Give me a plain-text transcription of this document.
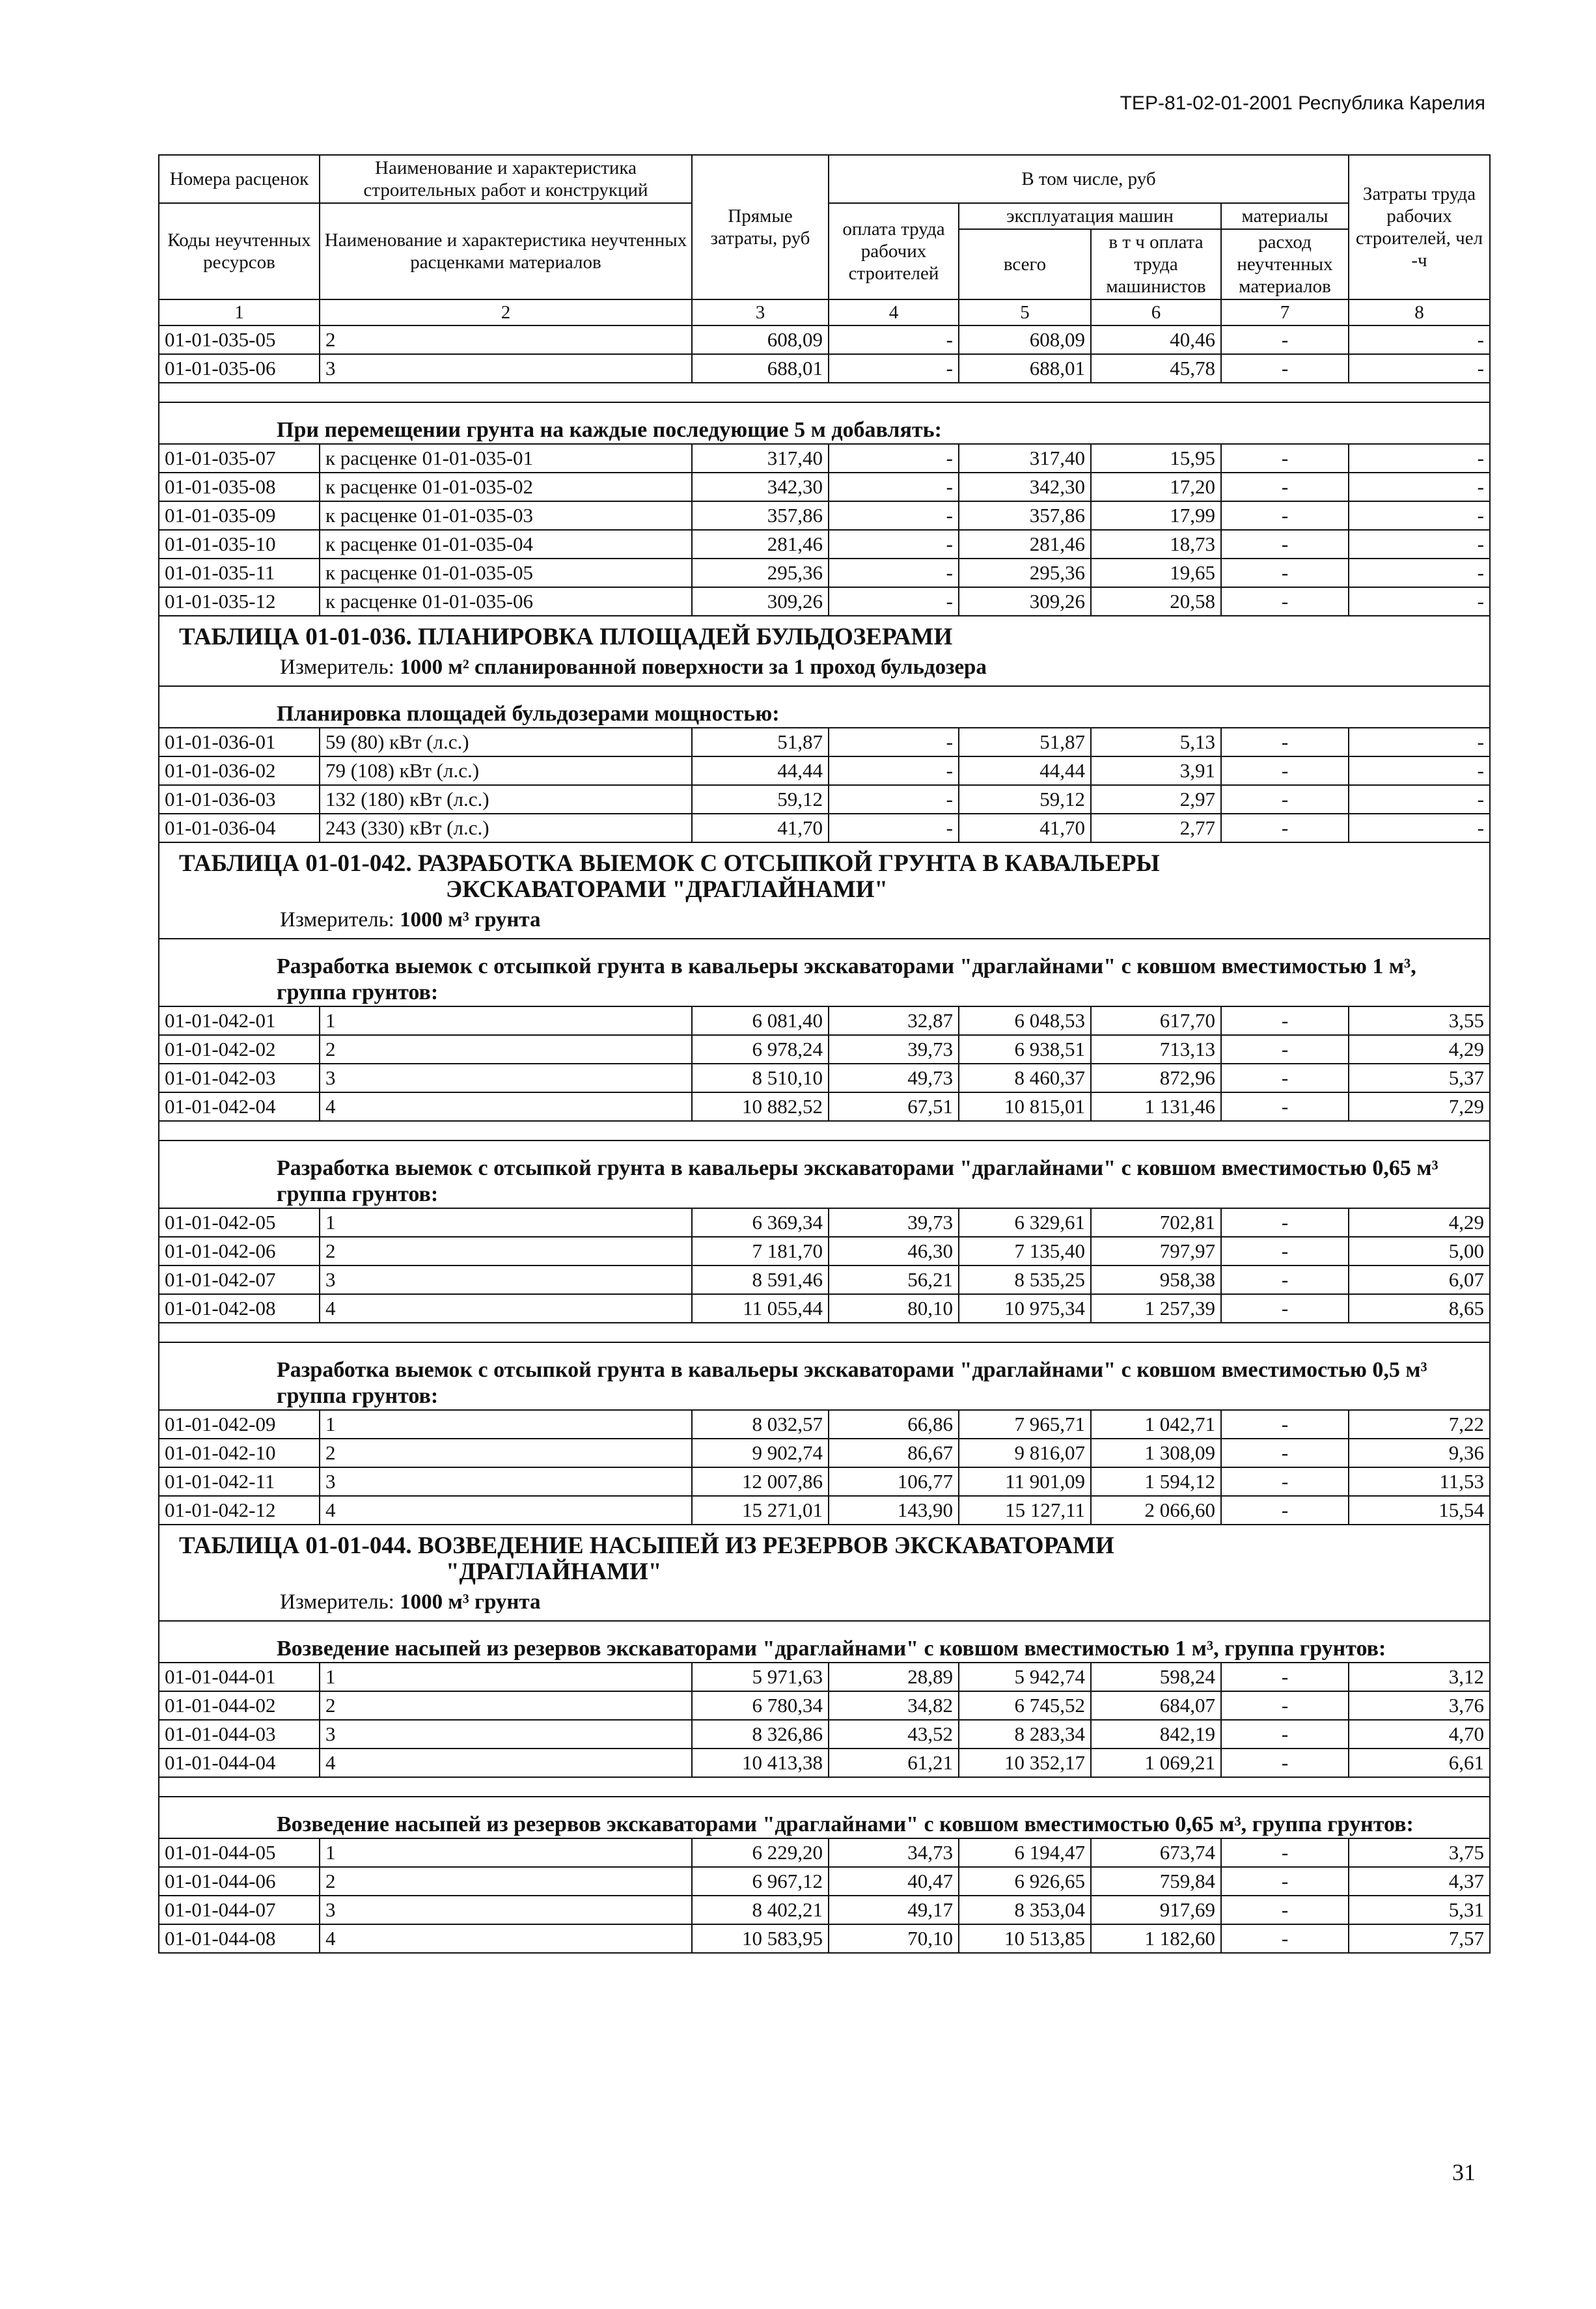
ТЕР-81-02-01-2001 Республика Карелия
Номера расценок	Наименование и характеристика строительных работ и конструкций	Прямые затраты, руб	В том числе, руб				Затраты труда рабочих строителей, чел -ч
Коды неучтенных ресурсов	Наименование и характеристика неучтенных расценками материалов		оплата труда рабочих строителей	эксплуатация машин		материалы	
				всего	в т ч оплата труда машинистов	расход неучтенных материалов	
1	2	3	4	5	6	7	8
01-01-035-05	2	608,09	-	608,09	40,46	-	-
01-01-035-06	3	688,01	-	688,01	45,78	-	-

При перемещении грунта на каждые последующие 5 м добавлять:							

01-01-035-07	к расценке 01-01-035-01	317,40	-	317,40	15,95	-	-
01-01-035-08	к расценке 01-01-035-02	342,30	-	342,30	17,20	-	-
01-01-035-09	к расценке 01-01-035-03	357,86	-	357,86	17,99	-	-
01-01-035-10	к расценке 01-01-035-04	281,46	-	281,46	18,73	-	-
01-01-035-11	к расценке 01-01-035-05	295,36	-	295,36	19,65	-	-
01-01-035-12	к расценке 01-01-035-06	309,26	-	309,26	20,58	-	-

ТАБЛИЦА 01-01-036. ПЛАНИРОВКА ПЛОЩАДЕЙ БУЛЬДОЗЕРАМИ
Измеритель: 1000 м² спланированной поверхности за 1 проход бульдозера							

Планировка площадей бульдозерами мощностью:							

01-01-036-01	59 (80) кВт (л.с.)	51,87	-	51,87	5,13	-	-
01-01-036-02	79 (108) кВт (л.с.)	44,44	-	44,44	3,91	-	-
01-01-036-03	132 (180) кВт (л.с.)	59,12	-	59,12	2,97	-	-
01-01-036-04	243 (330) кВт (л.с.)	41,70	-	41,70	2,77	-	-

ТАБЛИЦА 01-01-042. РАЗРАБОТКА ВЫЕМОК С ОТСЫПКОЙ ГРУНТА В КАВАЛЬЕРЫ
ЭКСКАВАТОРАМИ "ДРАГЛАЙНАМИ"
Измеритель: 1000 м³ грунта							

Разработка выемок с отсыпкой грунта в кавальеры экскаваторами "драглайнами" с ковшом вместимостью 1 м³, группа грунтов:							

01-01-042-01	1	6 081,40	32,87	6 048,53	617,70	-	3,55
01-01-042-02	2	6 978,24	39,73	6 938,51	713,13	-	4,29
01-01-042-03	3	8 510,10	49,73	8 460,37	872,96	-	5,37
01-01-042-04	4	10 882,52	67,51	10 815,01	1 131,46	-	7,29

Разработка выемок с отсыпкой грунта в кавальеры экскаваторами "драглайнами" с ковшом вместимостью 0,65 м³ группа грунтов:							

01-01-042-05	1	6 369,34	39,73	6 329,61	702,81	-	4,29
01-01-042-06	2	7 181,70	46,30	7 135,40	797,97	-	5,00
01-01-042-07	3	8 591,46	56,21	8 535,25	958,38	-	6,07
01-01-042-08	4	11 055,44	80,10	10 975,34	1 257,39	-	8,65

Разработка выемок с отсыпкой грунта в кавальеры экскаваторами "драглайнами" с ковшом вместимостью 0,5 м³ группа грунтов:							

01-01-042-09	1	8 032,57	66,86	7 965,71	1 042,71	-	7,22
01-01-042-10	2	9 902,74	86,67	9 816,07	1 308,09	-	9,36
01-01-042-11	3	12 007,86	106,77	11 901,09	1 594,12	-	11,53
01-01-042-12	4	15 271,01	143,90	15 127,11	2 066,60	-	15,54

ТАБЛИЦА 01-01-044. ВОЗВЕДЕНИЕ НАСЫПЕЙ ИЗ РЕЗЕРВОВ ЭКСКАВАТОРАМИ
"ДРАГЛАЙНАМИ"
Измеритель: 1000 м³ грунта							

Возведение насыпей из резервов экскаваторами "драглайнами" с ковшом вместимостью 1 м³, группа грунтов:							

01-01-044-01	1	5 971,63	28,89	5 942,74	598,24	-	3,12
01-01-044-02	2	6 780,34	34,82	6 745,52	684,07	-	3,76
01-01-044-03	3	8 326,86	43,52	8 283,34	842,19	-	4,70
01-01-044-04	4	10 413,38	61,21	10 352,17	1 069,21	-	6,61

Возведение насыпей из резервов экскаваторами "драглайнами" с ковшом вместимостью 0,65 м³, группа грунтов:							

01-01-044-05	1	6 229,20	34,73	6 194,47	673,74	-	3,75
01-01-044-06	2	6 967,12	40,47	6 926,65	759,84	-	4,37
01-01-044-07	3	8 402,21	49,17	8 353,04	917,69	-	5,31
01-01-044-08	4	10 583,95	70,10	10 513,85	1 182,60	-	7,57
31
